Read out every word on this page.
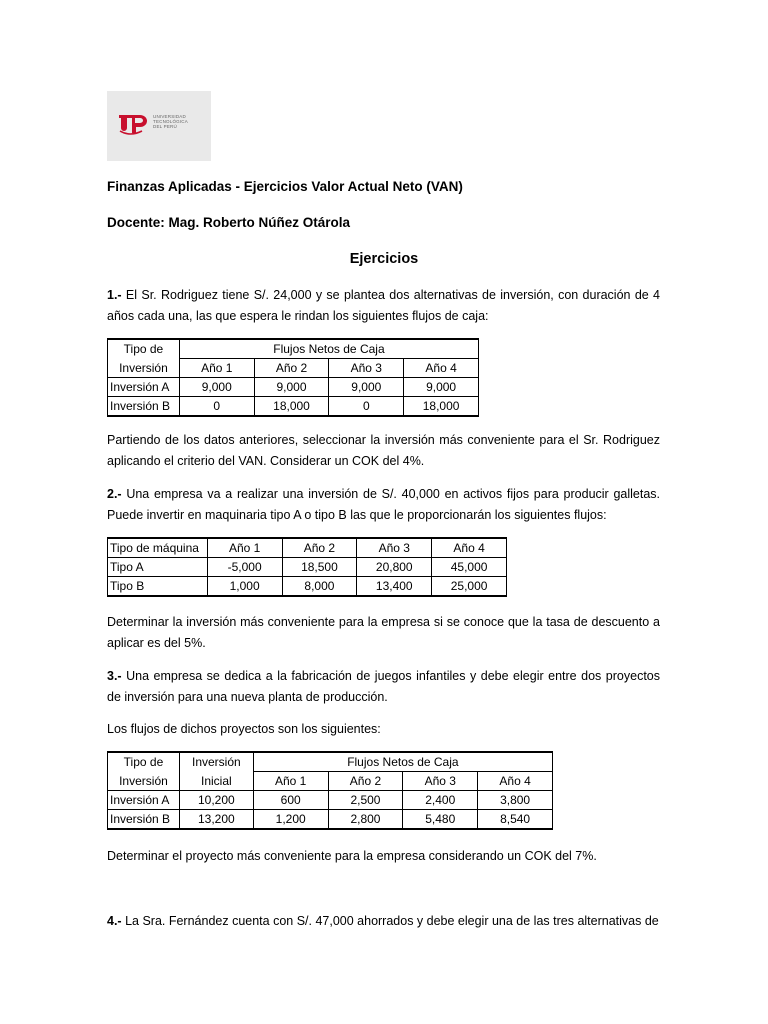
UNIVERSIDAD
TECNOLÓGICA
DEL PERÚ
Finanzas Aplicadas - Ejercicios Valor Actual Neto (VAN)
Docente: Mag. Roberto Núñez Otárola
Ejercicios
1.- El Sr. Rodriguez tiene S/. 24,000 y se plantea dos alternativas de inversión, con duración de 4 años cada una, las que espera le rindan los siguientes flujos de caja:
Tipo de	Flujos Netos de Caja			
Inversión	Año 1	Año 2	Año 3	Año 4
Inversión A	9,000	9,000	9,000	9,000
Inversión B	0	18,000	0	18,000
Partiendo de los datos anteriores, seleccionar la inversión más conveniente para el Sr. Rodriguez aplicando el criterio del VAN. Considerar un COK del 4%.
2.- Una empresa va a realizar una inversión de S/. 40,000 en activos fijos para producir galletas. Puede invertir en maquinaria tipo A o tipo B las que le proporcionarán los siguientes flujos:
Tipo de máquina	Año 1	Año 2	Año 3	Año 4
Tipo A	-5,000	18,500	20,800	45,000
Tipo B	1,000	8,000	13,400	25,000
Determinar la inversión más conveniente para la empresa si se conoce que la tasa de descuento a aplicar es del 5%.
3.- Una empresa se dedica a la fabricación de juegos infantiles y debe elegir entre dos proyectos de inversión para una nueva planta de producción.
Los flujos de dichos proyectos son los siguientes:
Tipo de	Inversión	Flujos Netos de Caja			
Inversión	Inicial	Año 1	Año 2	Año 3	Año 4
Inversión A	10,200	600	2,500	2,400	3,800
Inversión B	13,200	1,200	2,800	5,480	8,540
Determinar el proyecto más conveniente para la empresa considerando un COK del 7%.
4.- La Sra. Fernández cuenta con S/. 47,000 ahorrados y debe elegir una de las tres alternativas de
